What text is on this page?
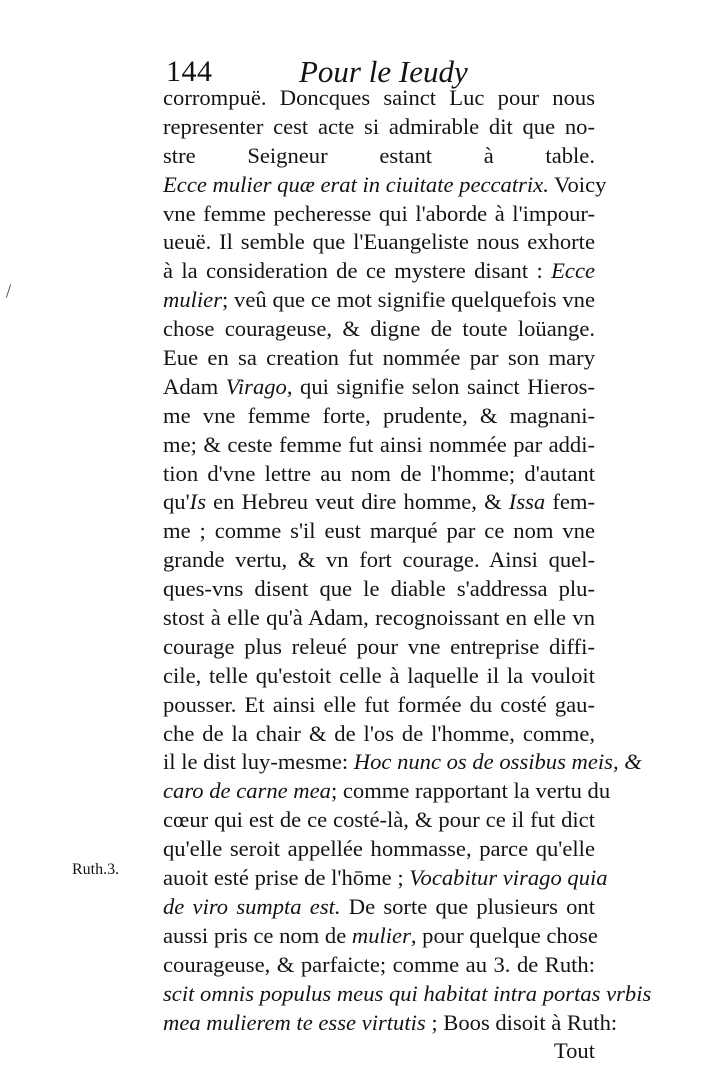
144	Pour le Ieudy
corrompuë. Doncques sainct Luc pour nous
representer cest acte si admirable dit que no-
stre Seigneur estant à table.
Ecce mulier quæ erat in ciuitate peccatrix. Voicy
vne femme pecheresse qui l'aborde à l'impour-
ueuë. Il semble que l'Euangeliste nous exhorte
à la consideration de ce mystere disant : Ecce
mulier; veû que ce mot signifie quelquefois vne
chose courageuse, & digne de toute loüange.
Eue en sa creation fut nommée par son mary
Adam Virago, qui signifie selon sainct Hieros-
me vne femme forte, prudente, & magnani-
me; & ceste femme fut ainsi nommée par addi-
tion d'vne lettre au nom de l'homme; d'autant
qu'Is en Hebreu veut dire homme, & Issa fem-
me ; comme s'il eust marqué par ce nom vne
grande vertu, & vn fort courage. Ainsi quel-
ques-vns disent que le diable s'addressa plu-
stost à elle qu'à Adam, recognoissant en elle vn
courage plus releué pour vne entreprise diffi-
cile, telle qu'estoit celle à laquelle il la vouloit
pousser. Et ainsi elle fut formée du costé gau-
che de la chair & de l'os de l'homme, comme,
il le dist luy-mesme: Hoc nunc os de ossibus meis, &
caro de carne mea; comme rapportant la vertu du
cœur qui est de ce costé-là, & pour ce il fut dict
qu'elle seroit appellée hommasse, parce qu'elle
auoit esté prise de l'hōme ; Vocabitur virago quia
de viro sumpta est. De sorte que plusieurs ont
aussi pris ce nom de mulier, pour quelque chose
courageuse, & parfaicte; comme au 3. de Ruth:
scit omnis populus meus qui habitat intra portas vrbis
mea mulierem te esse virtutis ; Boos disoit à Ruth:
Tout
Ruth.3.
